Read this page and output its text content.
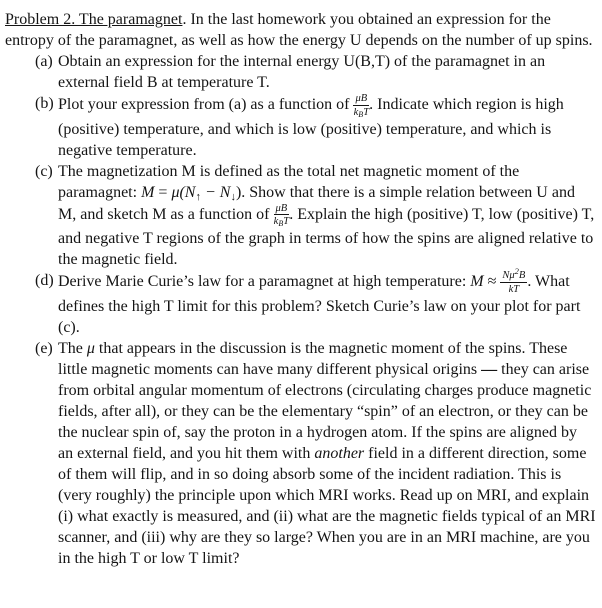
Problem 2. The paramagnet. In the last homework you obtained an expression for the entropy of the paramagnet, as well as how the energy U depends on the number of up spins.

(a) Obtain an expression for the internal energy U(B,T) of the paramagnet in an external field B at temperature T.
(b) Plot your expression from (a) as a function of $\frac{\mu B}{k_BT}$ . Indicate which region is high (positive) temperature, and which is low (positive) temperature, and which is negative temperature.
(c) The magnetization M is defined as the total net magnetic moment of the paramagnet: $M = \mu(N_↑ - N_↓)$. Show that there is a simple relation between U and M, and sketch M as a function of $\frac{\mu B}{k_BT}$ . Explain the high (positive) T, low (positive) T, and negative T regions of the graph in terms of how the spins are aligned relative to the magnetic field.
(d) Derive Marie Curie’s law for a paramagnet at high temperature: $M \approx \frac{N\mu^2B}{kT}$ . What defines the high T limit for this problem? Sketch Curie’s law on your plot for part (c).
(e) The μ that appears in the discussion is the magnetic moment of the spins. These little magnetic moments can have many different physical origins — they can arise from orbital angular momentum of electrons (circulating charges produce magnetic fields, after all), or they can be the elementary “spin” of an electron, or they can be the nuclear spin of, say the proton in a hydrogen atom. If the spins are aligned by an external field, and you hit them with another field in a different direction, some of them will flip, and in so doing absorb some of the incident radiation. This is (very roughly) the principle upon which MRI works. Read up on MRI, and explain (i) what exactly is measured, and (ii) what are the magnetic fields typical of an MRI scanner, and (iii) why are they so large? When you are in an MRI machine, are you in the high T or low T limit?
